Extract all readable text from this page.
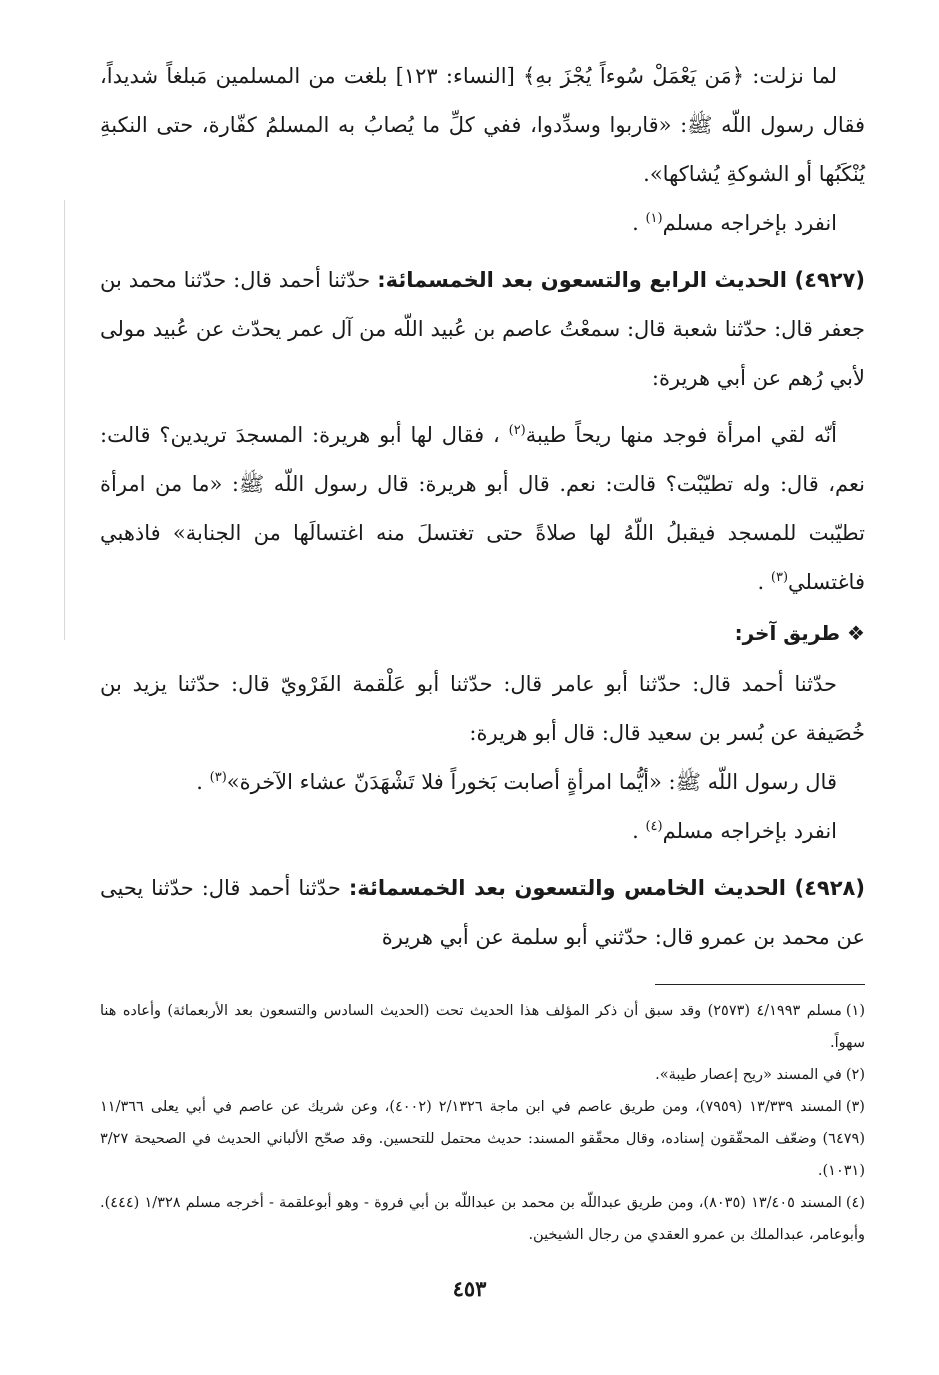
لما نزلت: ﴿مَن يَعْمَلْ سُوءاً يُجْزَ بهِ﴾ [النساء: ١٢٣] بلغت من المسلمين مَبلغاً شديداً، فقال رسول اللّه ﷺ: «قاربوا وسدِّدوا، ففي كلِّ ما يُصابُ به المسلمُ كفّارة، حتى النكبةِ يُنْكَبُها أو الشوكةِ يُشاكها».

انفرد بإخراجه مسلم$^{(١)}$ .

(٤٩٢٧) الحديث الرابع والتسعون بعد الخمسمائة: حدّثنا أحمد قال: حدّثنا محمد بن جعفر قال: حدّثنا شعبة قال: سمعْتُ عاصم بن عُبيد اللّه من آل عمر يحدّث عن عُبيد مولى لأبي رُهم عن أبي هريرة:

أنّه لقي امرأة فوجد منها ريحاً طيبة$^{(٢)}$ ، فقال لها أبو هريرة: المسجدَ تريدين؟ قالت: نعم، قال: وله تطيّبْت؟ قالت: نعم. قال أبو هريرة: قال رسول اللّه ﷺ: «ما من امرأة تطيّبت للمسجد فيقبلُ اللّهُ لها صلاةً حتى تغتسلَ منه اغتسالَها من الجنابة» فاذهبي فاغتسلي$^{(٣)}$ .

❖ طريق آخر:

حدّثنا أحمد قال: حدّثنا أبو عامر قال: حدّثنا أبو عَلْقمة الفَرْويّ قال: حدّثنا يزيد بن خُصَيفة عن بُسر بن سعيد قال: قال أبو هريرة:

قال رسول اللّه ﷺ: «أيُّما امرأةٍ أصابت بَخوراً فلا تَشْهَدَنّ عشاء الآخرة»$^{(٣)}$ .

انفرد بإخراجه مسلم$^{(٤)}$ .

(٤٩٢٨) الحديث الخامس والتسعون بعد الخمسمائة: حدّثنا أحمد قال: حدّثنا يحيى عن محمد بن عمرو قال: حدّثني أبو سلمة عن أبي هريرة

(١)مسلم ٤/١٩٩٣ (٢٥٧٣) وقد سبق أن ذكر المؤلف هذا الحديث تحت (الحديث السادس والتسعون بعد الأربعمائة) وأعاده هنا سهواً.

(٢)في المسند «ريح إعصار طيبة».

(٣)المسند ١٣/٣٣٩ (٧٩٥٩)، ومن طريق عاصم في ابن ماجة ٢/١٣٢٦ (٤٠٠٢)، وعن شريك عن عاصم في أبي يعلى ١١/٣٦٦ (٦٤٧٩) وضعّف المحقّقون إسناده، وقال محقّقو المسند: حديث محتمل للتحسين. وقد صحّح الألباني الحديث في الصحيحة ٣/٢٧ (١٠٣١).

(٤)المسند ١٣/٤٠٥ (٨٠٣٥)، ومن طريق عبداللّه بن محمد بن عبداللّه بن أبي فروة - وهو أبوعلقمة - أخرجه مسلم ١/٣٢٨ (٤٤٤). وأبوعامر، عبدالملك بن عمرو العقدي من رجال الشيخين.

٤٥٣
